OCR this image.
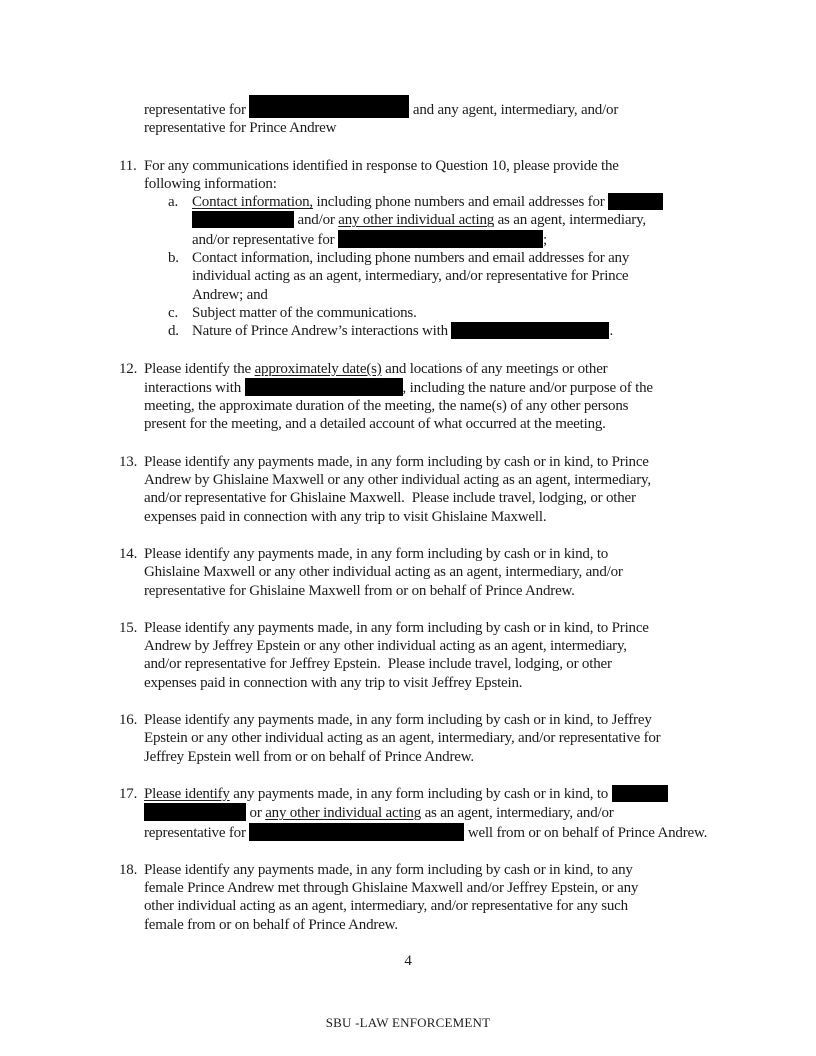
representative for	and any agent, intermediary, and/or
representative for Prince Andrew
11. For any communications identified in response to Question 10, please provide the
following information:
a. Contact information, including phone numbers and email addresses for
and/or any other individual acting as an agent, intermediary,
and/or representative for	;
b. Contact information, including phone numbers and email addresses for any
individual acting as an agent, intermediary, and/or representative for Prince
Andrew; and
c. Subject matter of the communications.
d. Nature of Prince Andrew’s interactions with	.
12. Please identify the approximately date(s) and locations of any meetings or other
interactions with	, including the nature and/or purpose of the
meeting, the approximate duration of the meeting, the name(s) of any other persons
present for the meeting, and a detailed account of what occurred at the meeting.
13. Please identify any payments made, in any form including by cash or in kind, to Prince
Andrew by Ghislaine Maxwell or any other individual acting as an agent, intermediary,
and/or representative for Ghislaine Maxwell.  Please include travel, lodging, or other
expenses paid in connection with any trip to visit Ghislaine Maxwell.
14. Please identify any payments made, in any form including by cash or in kind, to
Ghislaine Maxwell or any other individual acting as an agent, intermediary, and/or
representative for Ghislaine Maxwell from or on behalf of Prince Andrew.
15. Please identify any payments made, in any form including by cash or in kind, to Prince
Andrew by Jeffrey Epstein or any other individual acting as an agent, intermediary,
and/or representative for Jeffrey Epstein.  Please include travel, lodging, or other
expenses paid in connection with any trip to visit Jeffrey Epstein.
16. Please identify any payments made, in any form including by cash or in kind, to Jeffrey
Epstein or any other individual acting as an agent, intermediary, and/or representative for
Jeffrey Epstein well from or on behalf of Prince Andrew.
17. Please identify any payments made, in any form including by cash or in kind, to
or any other individual acting as an agent, intermediary, and/or
representative for	well from or on behalf of Prince Andrew.
18. Please identify any payments made, in any form including by cash or in kind, to any
female Prince Andrew met through Ghislaine Maxwell and/or Jeffrey Epstein, or any
other individual acting as an agent, intermediary, and/or representative for any such
female from or on behalf of Prince Andrew.
4
SBU -LAW ENFORCEMENT
